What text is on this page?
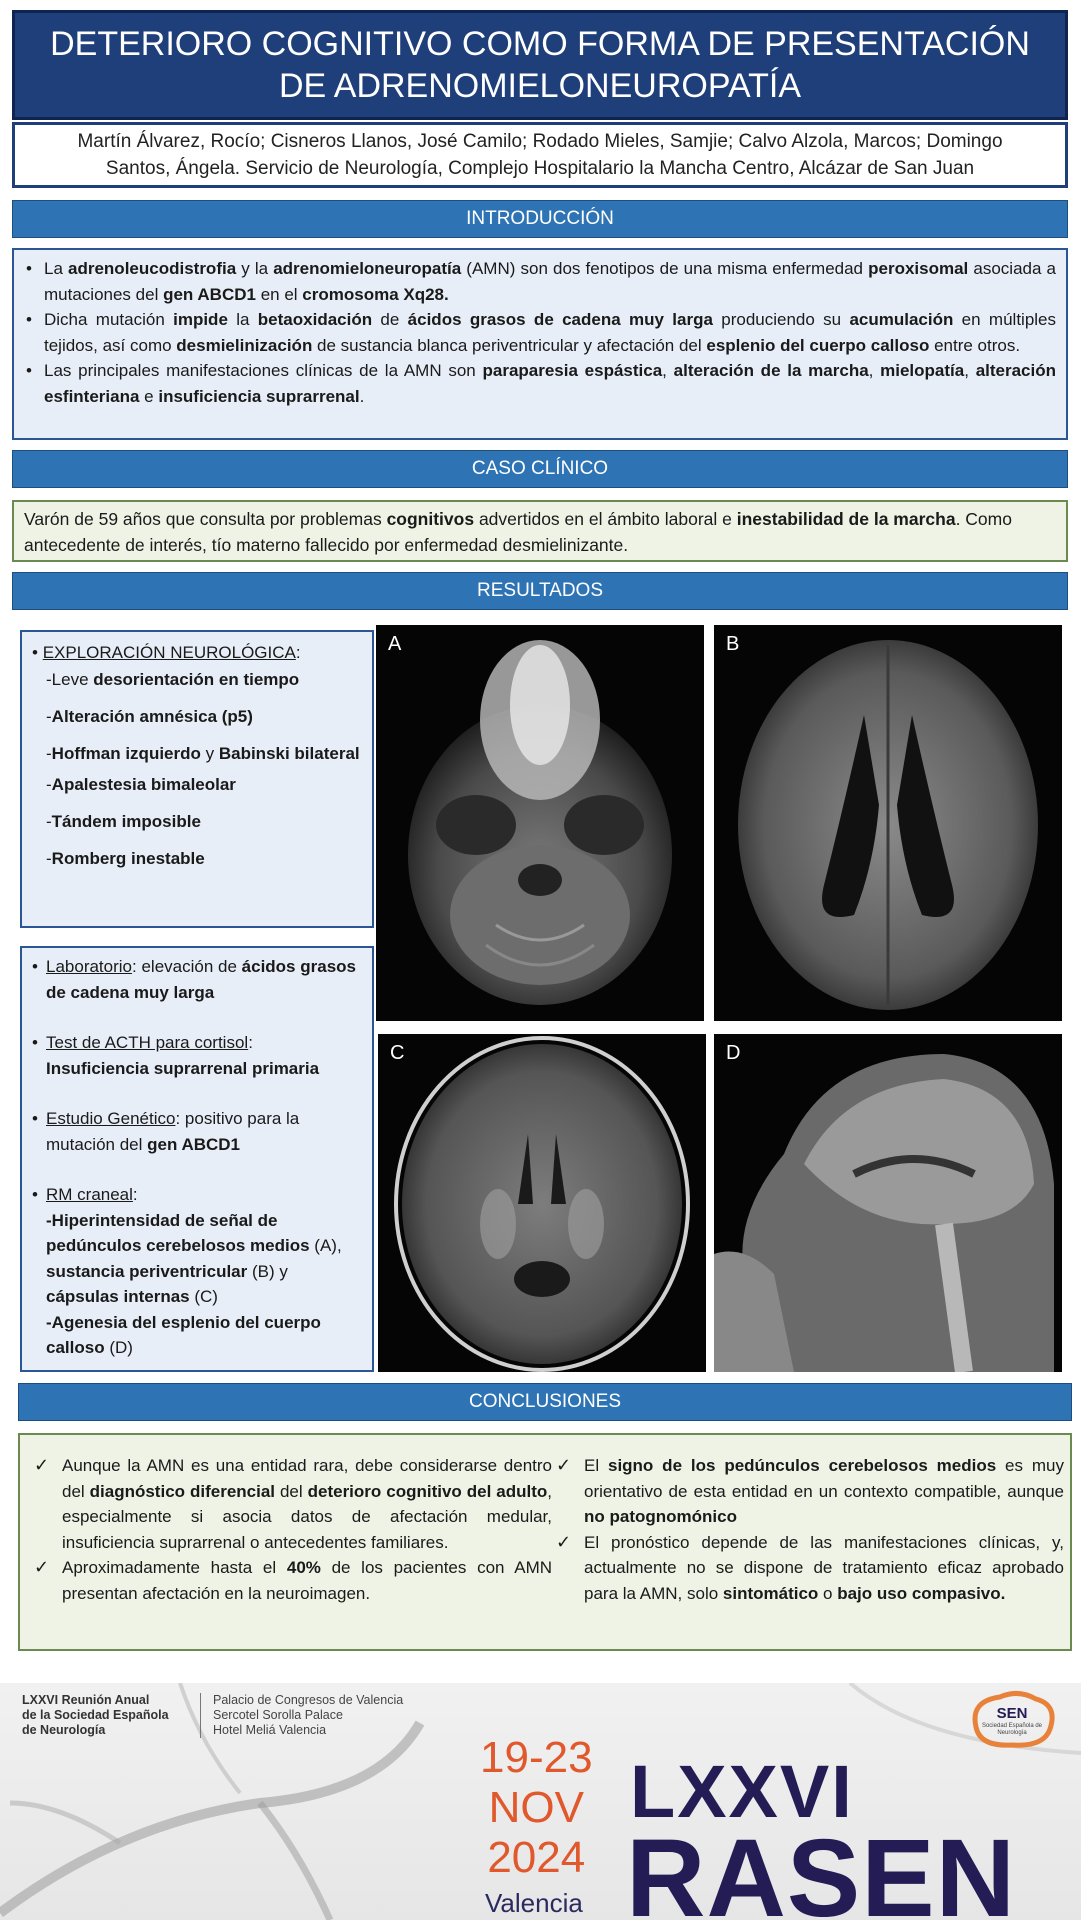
DETERIORO COGNITIVO COMO FORMA DE PRESENTACIÓN DE ADRENOMIELONEUROPATÍA
Martín Álvarez, Rocío; Cisneros Llanos, José Camilo; Rodado Mieles, Samjie; Calvo Alzola, Marcos; Domingo Santos, Ángela. Servicio de Neurología, Complejo Hospitalario la Mancha Centro, Alcázar de San Juan
INTRODUCCIÓN
• La adrenoleucodistrofia y la adrenomieloneuropatía (AMN) son dos fenotipos de una misma enfermedad peroxisomal asociada a mutaciones del gen ABCD1 en el cromosoma Xq28.
• Dicha mutación impide la betaoxidación de ácidos grasos de cadena muy larga produciendo su acumulación en múltiples tejidos, así como desmielinización de sustancia blanca periventricular y afectación del esplenio del cuerpo calloso entre otros.
• Las principales manifestaciones clínicas de la AMN son paraparesia espástica, alteración de la marcha, mielopatía, alteración esfinteriana e insuficiencia suprarrenal.
CASO CLÍNICO
Varón de 59 años que consulta por problemas cognitivos advertidos en el ámbito laboral e inestabilidad de la marcha. Como antecedente de interés, tío materno fallecido por enfermedad desmielinizante.
RESULTADOS
• EXPLORACIÓN NEUROLÓGICA:
-Leve desorientación en tiempo
-Alteración amnésica (p5)
-Hoffman izquierdo y Babinski bilateral
-Apalestesia bimaleolar
-Tándem imposible
-Romberg inestable
• Laboratorio: elevación de ácidos grasos de cadena muy larga
• Test de ACTH para cortisol:
Insuficiencia suprarrenal primaria
• Estudio Genético: positivo para la mutación del gen ABCD1
• RM craneal:
-Hiperintensidad de señal de pedúnculos cerebelosos medios (A), sustancia periventricular (B) y cápsulas internas (C)
-Agenesia del esplenio del cuerpo calloso (D)
A	B
C	D
CONCLUSIONES
✓ Aunque la AMN es una entidad rara, debe considerarse dentro del diagnóstico diferencial del deterioro cognitivo del adulto, especialmente si asocia datos de afectación medular, insuficiencia suprarrenal o antecedentes familiares.
✓ Aproximadamente hasta el 40% de los pacientes con AMN presentan afectación en la neuroimagen.
✓ El signo de los pedúnculos cerebelosos medios es muy orientativo de esta entidad en un contexto compatible, aunque no patognomónico
✓ El pronóstico depende de las manifestaciones clínicas, y, actualmente no se dispone de tratamiento eficaz aprobado para la AMN, solo sintomático o bajo uso compasivo.
LXXVI Reunión Anual
de la Sociedad Española
de Neurología
Palacio de Congresos de Valencia
Sercotel Sorolla Palace
Hotel Meliá Valencia
19-23
NOV
2024
Valencia
LXXVI
RASEN
SEN
Sociedad Española de Neurología
